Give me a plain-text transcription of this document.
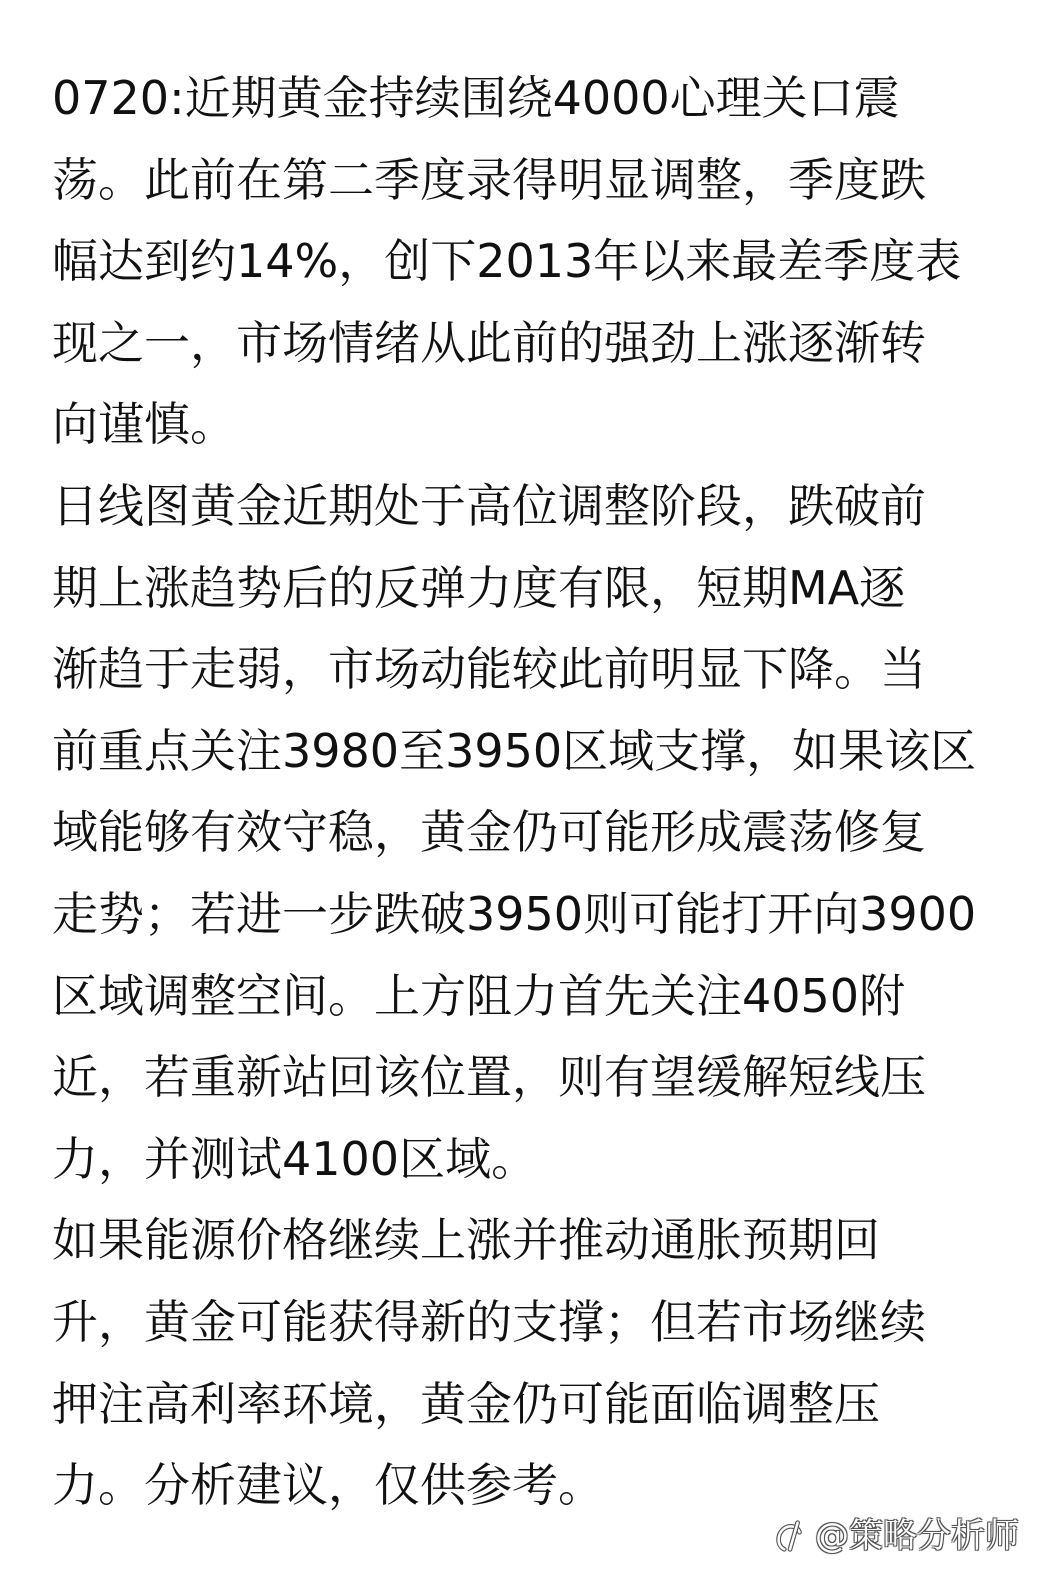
0720:近期黄金持续围绕4000心理关口震
荡。此前在第二季度录得明显调整，季度跌
幅达到约14%，创下2013年以来最差季度表
现之一，市场情绪从此前的强劲上涨逐渐转
向谨慎。
日线图黄金近期处于高位调整阶段，跌破前
期上涨趋势后的反弹力度有限，短期MA逐
渐趋于走弱，市场动能较此前明显下降。当
前重点关注3980至3950区域支撑，如果该区
域能够有效守稳，黄金仍可能形成震荡修复
走势；若进一步跌破3950则可能打开向3900
区域调整空间。上方阻力首先关注4050附
近，若重新站回该位置，则有望缓解短线压
力，并测试4100区域。
如果能源价格继续上涨并推动通胀预期回
升，黄金可能获得新的支撑；但若市场继续
押注高利率环境，黄金仍可能面临调整压
力。分析建议，仅供参考。
@策略分析师
